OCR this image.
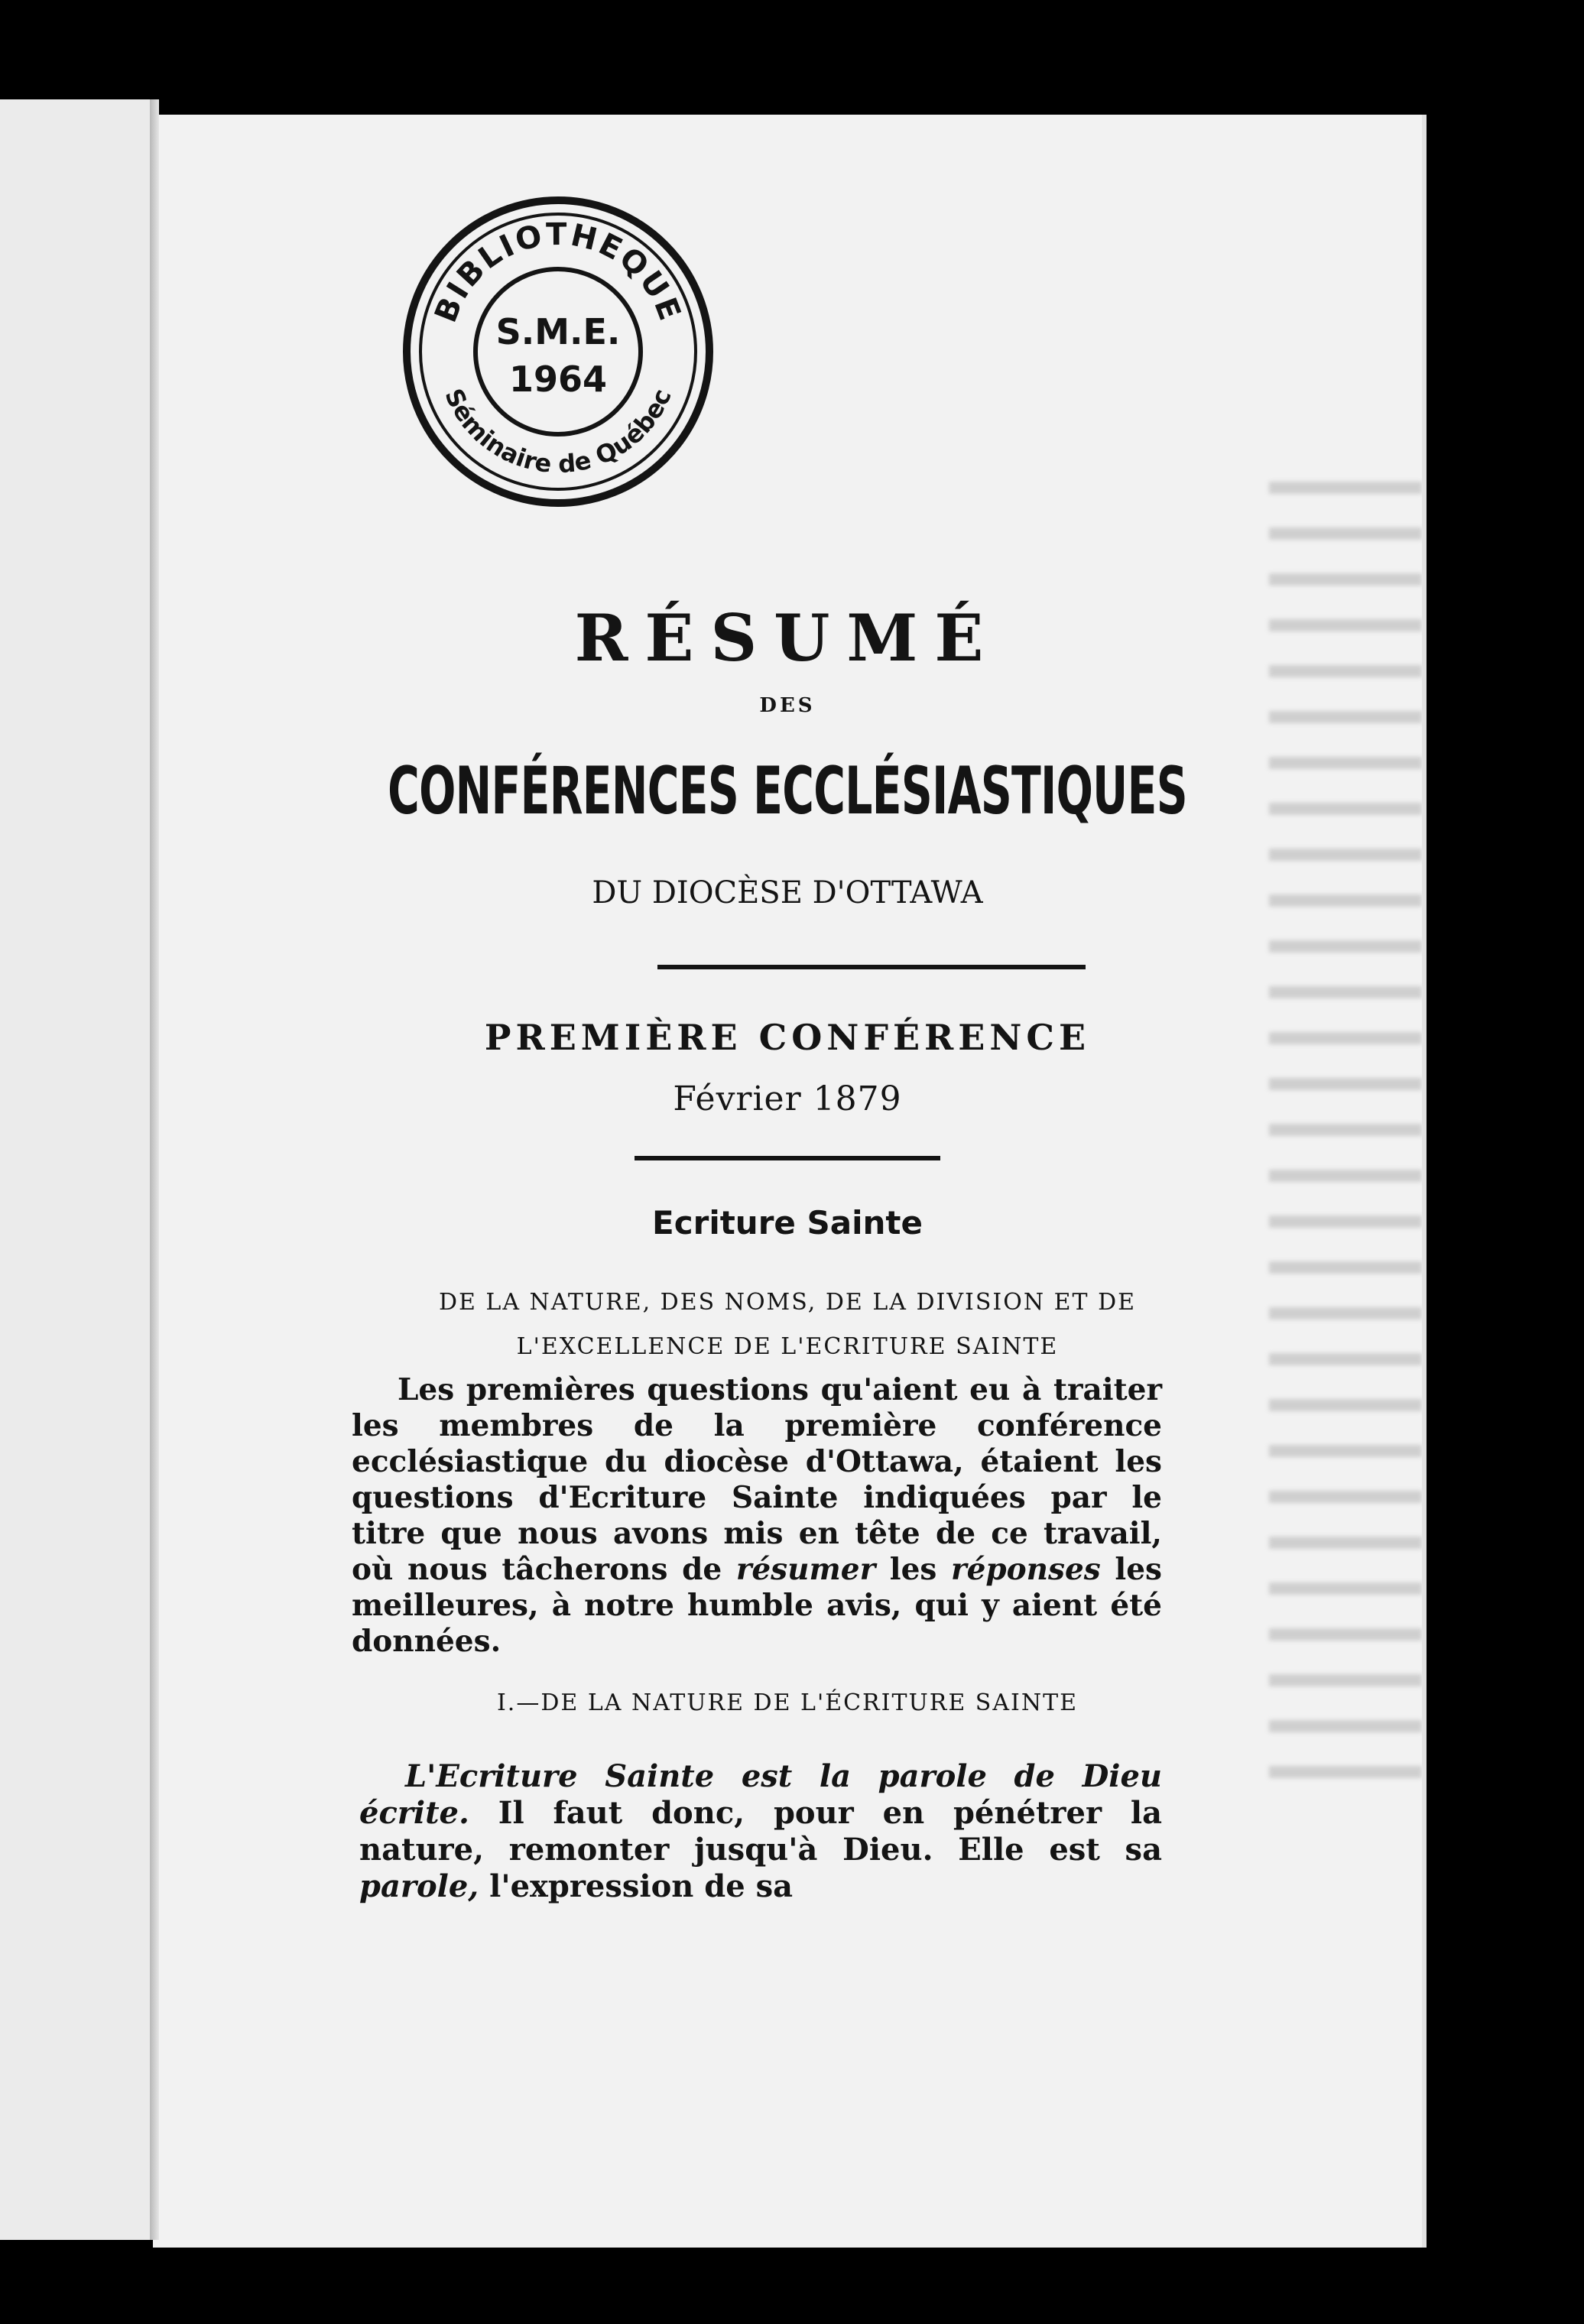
BIBLIOTHEQUE
Séminaire de Québec
S.M.E.
1964
RÉSUMÉ
DES
CONFÉRENCES ECCLÉSIASTIQUES
DU DIOCÈSE D'OTTAWA
PREMIÈRE CONFÉRENCE
Février 1879
Ecriture Sainte
DE LA NATURE, DES NOMS, DE LA DIVISION ET DE
L'EXCELLENCE DE L'ECRITURE SAINTE
Les premières questions qu'aient eu à traiter les membres de la première conférence ecclésiastique du diocèse d'Ottawa, étaient les questions d'Ecriture Sainte indiquées par le titre que nous avons mis en tête de ce travail, où nous tâcherons de résumer les réponses les meilleures, à notre humble avis, qui y aient été données.
I.—DE LA NATURE DE L'ÉCRITURE SAINTE
L'Ecriture Sainte est la parole de Dieu écrite. Il faut donc, pour en pénétrer la nature, remonter jusqu'à Dieu. Elle est sa parole, l'expression de sa
